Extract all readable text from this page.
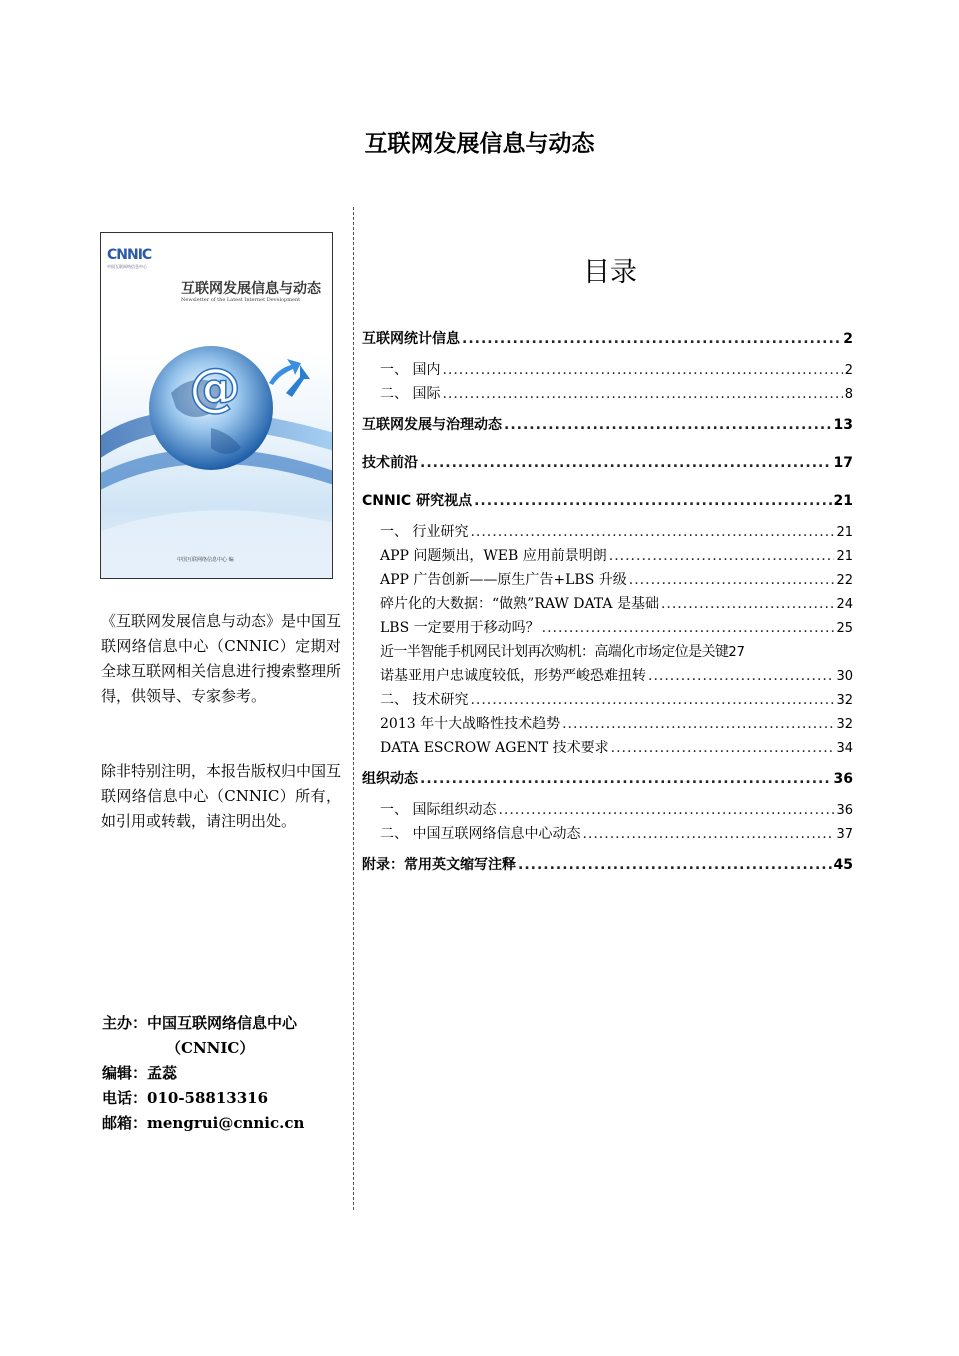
互联网发展信息与动态
@
CNNIC
中国互联网络信息中心
互联网发展信息与动态
Newsletter of the Latest Internet Development
中国互联网络信息中心 编
《互联网发展信息与动态》是中国互联网络信息中心（CNNIC）定期对全球互联网相关信息进行搜索整理所得，供领导、专家参考。
除非特别注明，本报告版权归中国互联网络信息中心（CNNIC）所有，如引用或转载，请注明出处。
主办：中国互联网络信息中心
（CNNIC）
编辑：孟蕊
电话：010-58813316
邮箱：mengrui@cnnic.cn
目录
互联网统计信息 .....	2
一、 国内 .....	2
二、 国际 .....	8
互联网发展与治理动态 .....	13
技术前沿 .....	17
CNNIC 研究视点 .....	21
一、 行业研究 .....	21
APP 问题频出，WEB 应用前景明朗 .....	21
APP 广告创新——原生广告+LBS 升级 .....	22
碎片化的大数据：“做熟”RAW DATA 是基础 .....	24
LBS 一定要用于移动吗？ .....	25
近一半智能手机网民计划再次购机：高端化市场定位是关键 27
诺基亚用户忠诚度较低，形势严峻恐难扭转 .....	30
二、 技术研究 .....	32
2013 年十大战略性技术趋势 .....	32
DATA ESCROW AGENT 技术要求 .....	34
组织动态 .....	36
一、 国际组织动态 .....	36
二、 中国互联网络信息中心动态 .....	37
附录：常用英文缩写注释 .....	45
